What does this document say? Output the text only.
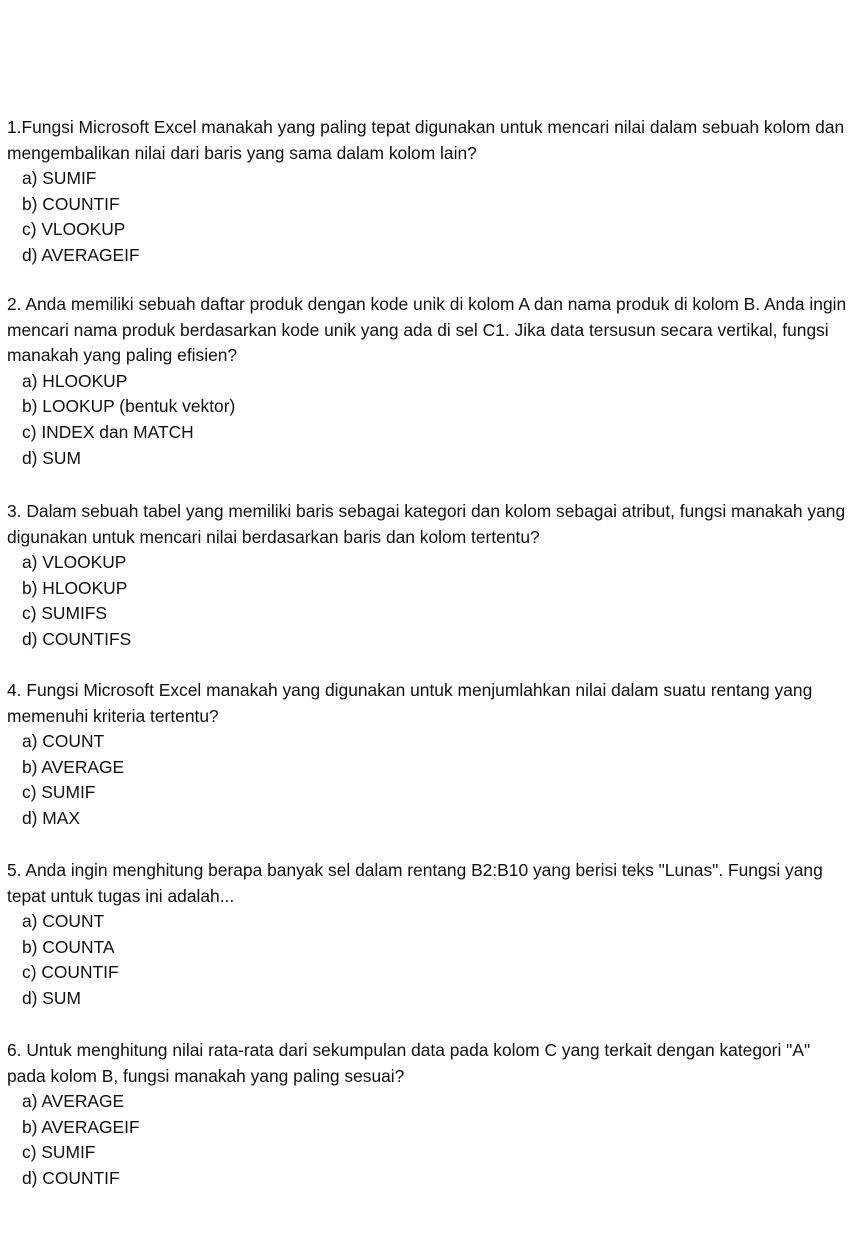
1.Fungsi Microsoft Excel manakah yang paling tepat digunakan untuk mencari nilai dalam sebuah kolom dan mengembalikan nilai dari baris yang sama dalam kolom lain?

a) SUMIF
b) COUNTIF
c) VLOOKUP
d) AVERAGEIF

2. Anda memiliki sebuah daftar produk dengan kode unik di kolom A dan nama produk di kolom B. Anda ingin mencari nama produk berdasarkan kode unik yang ada di sel C1. Jika data tersusun secara vertikal, fungsi manakah yang paling efisien?

a) HLOOKUP
b) LOOKUP (bentuk vektor)
c) INDEX dan MATCH
d) SUM

3. Dalam sebuah tabel yang memiliki baris sebagai kategori dan kolom sebagai atribut, fungsi manakah yang digunakan untuk mencari nilai berdasarkan baris dan kolom tertentu?

a) VLOOKUP
b) HLOOKUP
c) SUMIFS
d) COUNTIFS

4. Fungsi Microsoft Excel manakah yang digunakan untuk menjumlahkan nilai dalam suatu rentang yang memenuhi kriteria tertentu?

a) COUNT
b) AVERAGE
c) SUMIF
d) MAX

5. Anda ingin menghitung berapa banyak sel dalam rentang B2:B10 yang berisi teks "Lunas". Fungsi yang tepat untuk tugas ini adalah...

a) COUNT
b) COUNTA
c) COUNTIF
d) SUM

6. Untuk menghitung nilai rata-rata dari sekumpulan data pada kolom C yang terkait dengan kategori "A" pada kolom B, fungsi manakah yang paling sesuai?

a) AVERAGE
b) AVERAGEIF
c) SUMIF
d) COUNTIF
